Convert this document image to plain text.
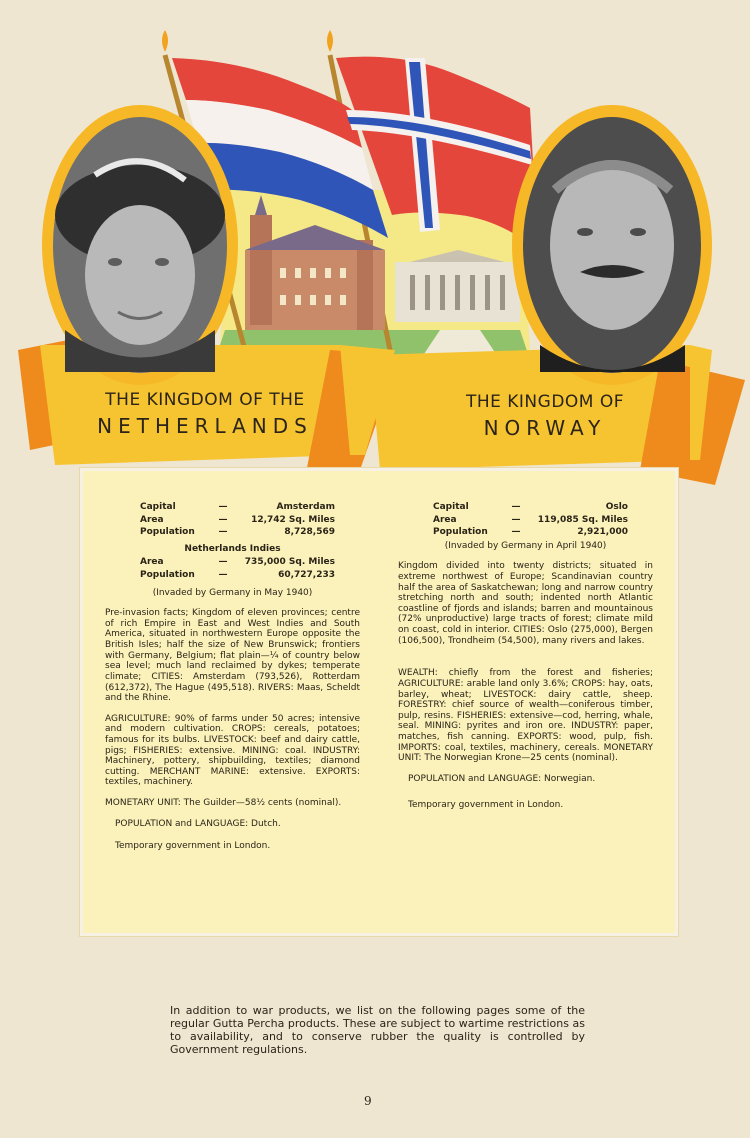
THE KINGDOM OF THE
NETHERLANDS
THE KINGDOM OF
NORWAY
Capital	—	Amsterdam
Area	—	12,742 Sq. Miles
Population	—	8,728,569
Netherlands Indies
Area	—	735,000 Sq. Miles
Population	—	60,727,233
(Invaded by Germany in May 1940)

Pre-invasion facts; Kingdom of eleven provinces; centre of rich Empire in East and West Indies and South America, situated in northwestern Europe opposite the British Isles; half the size of New Brunswick; frontiers with Germany, Belgium; flat plain—¼ of country below sea level; much land reclaimed by dykes; temperate climate; CITIES: Amsterdam (793,526), Rotterdam (612,372), The Hague (495,518). RIVERS: Maas, Scheldt and the Rhine.

AGRICULTURE: 90% of farms under 50 acres; intensive and modern cultivation. CROPS: cereals, potatoes; famous for its bulbs. LIVESTOCK: beef and dairy cattle, pigs; FISHERIES: extensive. MINING: coal. INDUSTRY: Machinery, pottery, shipbuilding, textiles; diamond cutting. MERCHANT MARINE: extensive. EXPORTS: textiles, machinery.

MONETARY UNIT: The Guilder—58½ cents (nominal).

POPULATION and LANGUAGE: Dutch.

Temporary government in London.

Capital	—	Oslo
Area	—	119,085 Sq. Miles
Population	—	2,921,000
(Invaded by Germany in April 1940)

Kingdom divided into twenty districts; situated in extreme northwest of Europe; Scandinavian country half the area of Saskatchewan; long and narrow country stretching north and south; indented north Atlantic coastline of fjords and islands; barren and mountainous (72% unproductive) large tracts of forest; climate mild on coast, cold in interior. CITIES: Oslo (275,000), Bergen (106,500), Trondheim (54,500), many rivers and lakes.

WEALTH: chiefly from the forest and fisheries; AGRICULTURE: arable land only 3.6%; CROPS: hay, oats, barley, wheat; LIVESTOCK: dairy cattle, sheep. FORESTRY: chief source of wealth—coniferous timber, pulp, resins. FISHERIES: extensive—cod, herring, whale, seal. MINING: pyrites and iron ore. INDUSTRY: paper, matches, fish canning. EXPORTS: wood, pulp, fish. IMPORTS: coal, textiles, machinery, cereals. MONETARY UNIT: The Norwegian Krone—25 cents (nominal).

POPULATION and LANGUAGE: Norwegian.

Temporary government in London.

In addition to war products, we list on the following pages some of the regular Gutta Percha products. These are subject to wartime restrictions as to availability, and to conserve rubber the quality is controlled by Government regulations.

9
